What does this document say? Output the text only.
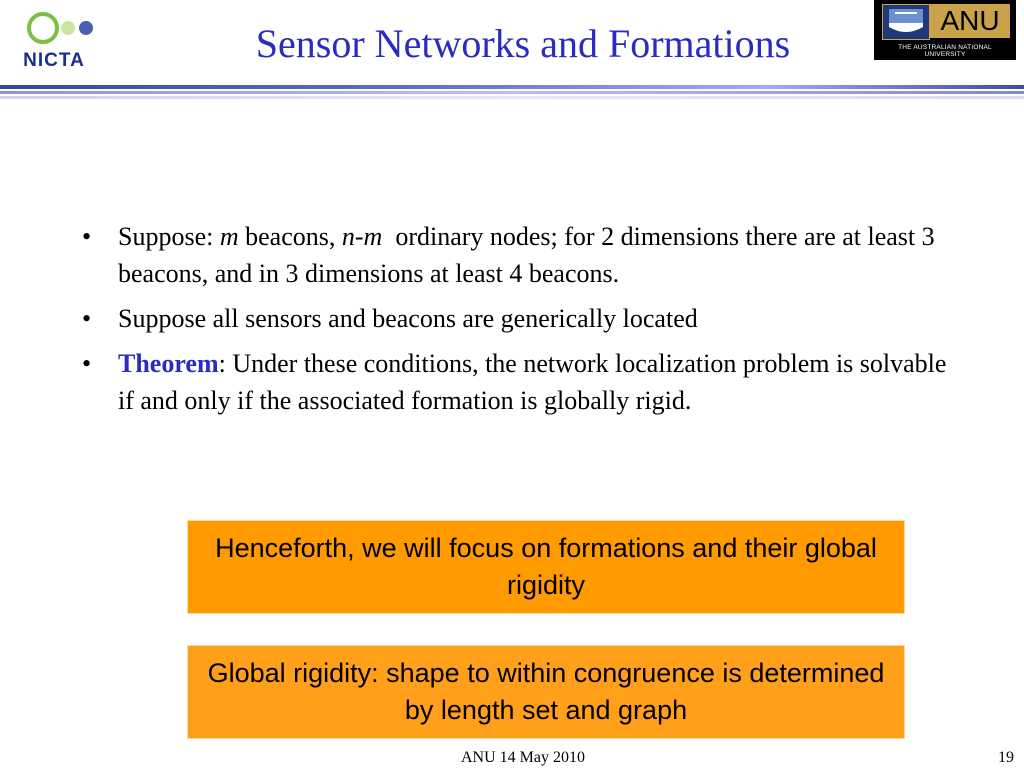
NICTA	Sensor Networks and Formations
ANU
THE AUSTRALIAN NATIONAL UNIVERSITY
• Suppose: m beacons, n-m  ordinary nodes; for 2 dimensions there are at least 3 beacons, and in 3 dimensions at least 4 beacons.
• Suppose all sensors and beacons are generically located
• Theorem: Under these conditions, the network localization problem is solvable if and only if the associated formation is globally rigid.
Henceforth, we will focus on formations and their global rigidity
Global rigidity: shape to within congruence is determined by length set and graph
ANU 14 May 2010	19
